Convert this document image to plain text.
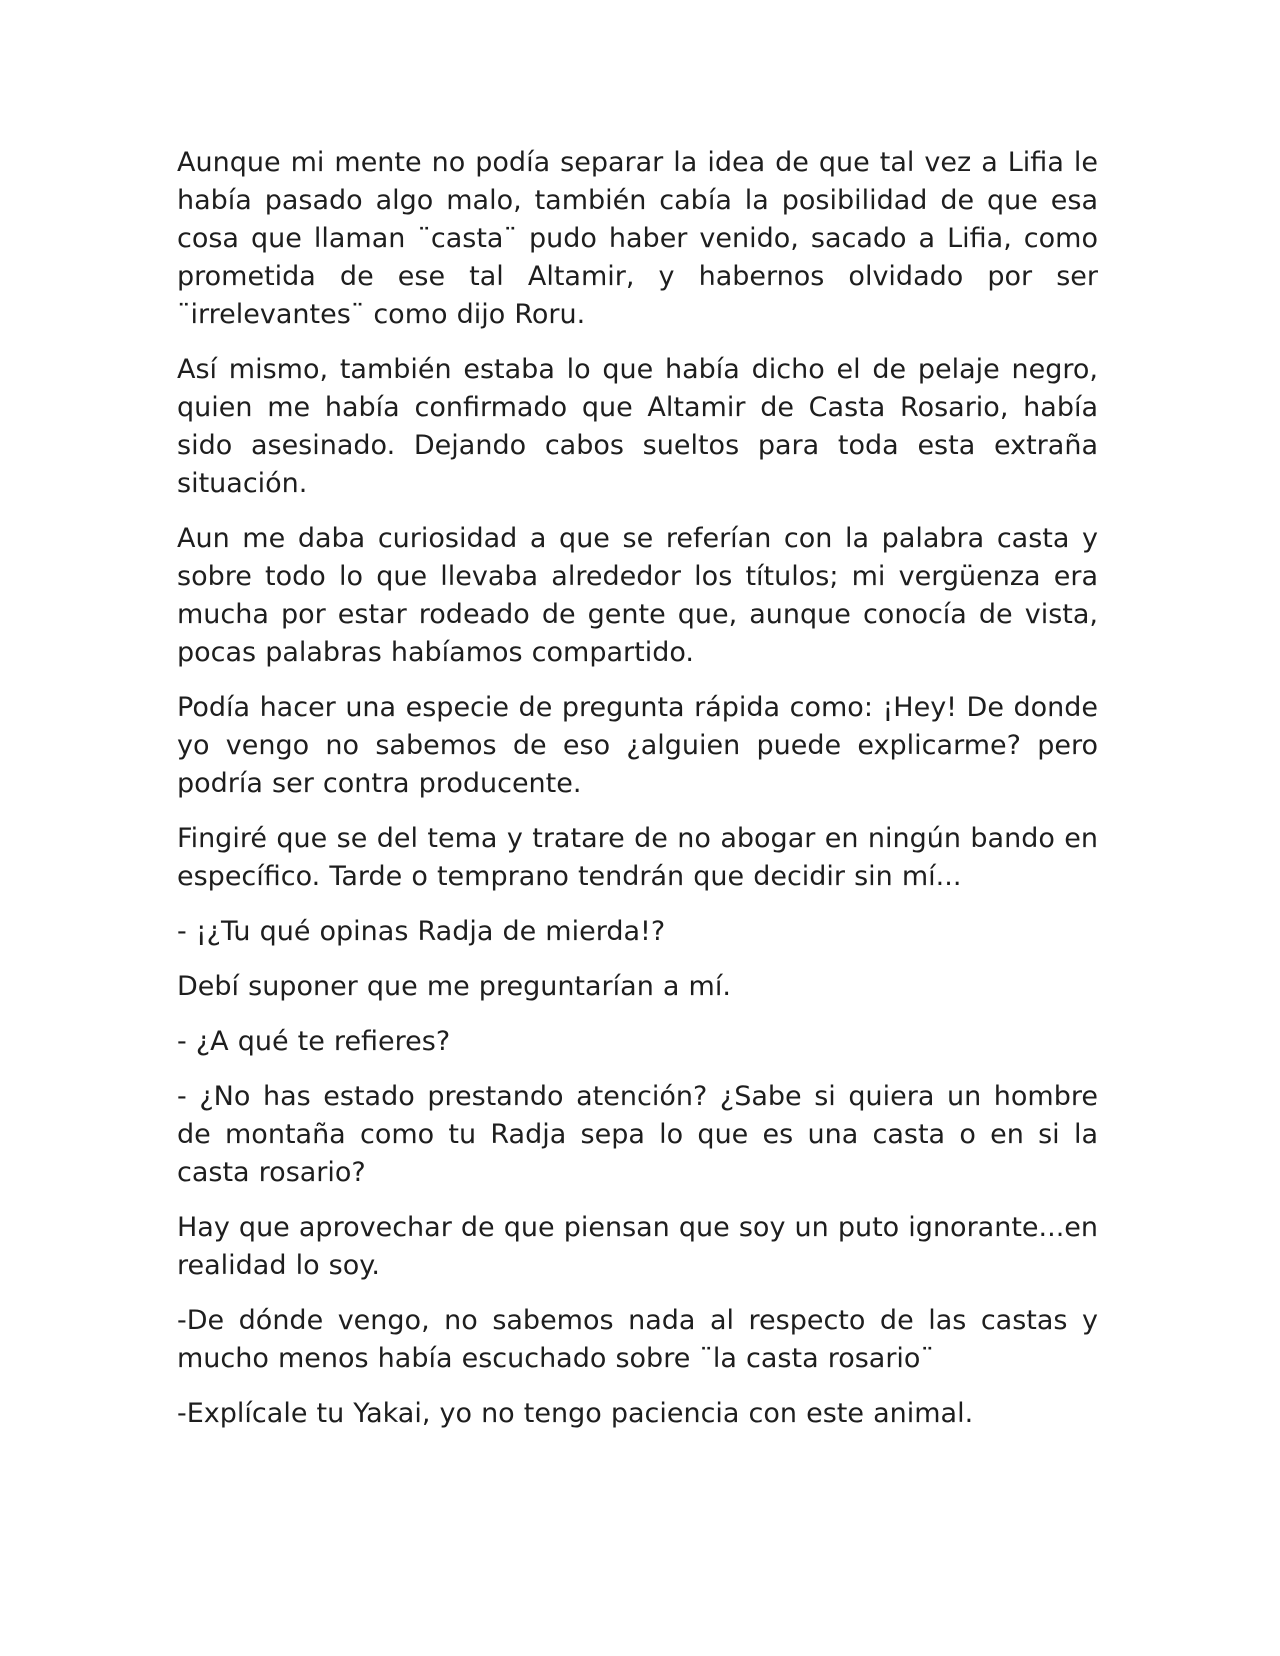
Aunque mi mente no podía separar la idea de que tal vez a Lifia le había pasado algo malo, también cabía la posibilidad de que esa cosa que llaman ¨casta¨ pudo haber venido, sacado a Lifia, como prometida de ese tal Altamir, y habernos olvidado por ser ¨irrelevantes¨ como dijo Roru.

Así mismo, también estaba lo que había dicho el de pelaje negro, quien me había confirmado que Altamir de Casta Rosario, había sido asesinado. Dejando cabos sueltos para toda esta extraña situación.

Aun me daba curiosidad a que se referían con la palabra casta y sobre todo lo que llevaba alrededor los títulos; mi vergüenza era mucha por estar rodeado de gente que, aunque conocía de vista, pocas palabras habíamos compartido.

Podía hacer una especie de pregunta rápida como: ¡Hey! De donde yo vengo no sabemos de eso ¿alguien puede explicarme? pero podría ser contra producente.

Fingiré que se del tema y tratare de no abogar en ningún bando en específico. Tarde o temprano tendrán que decidir sin mí...

- ¡¿Tu qué opinas Radja de mierda!?

Debí suponer que me preguntarían a mí.

- ¿A qué te refieres?

- ¿No has estado prestando atención? ¿Sabe si quiera un hombre de montaña como tu Radja sepa lo que es una casta o en si la casta rosario?

Hay que aprovechar de que piensan que soy un puto ignorante...en realidad lo soy.

-De dónde vengo, no sabemos nada al respecto de las castas y mucho menos había escuchado sobre ¨la casta rosario¨

-Explícale tu Yakai, yo no tengo paciencia con este animal.
